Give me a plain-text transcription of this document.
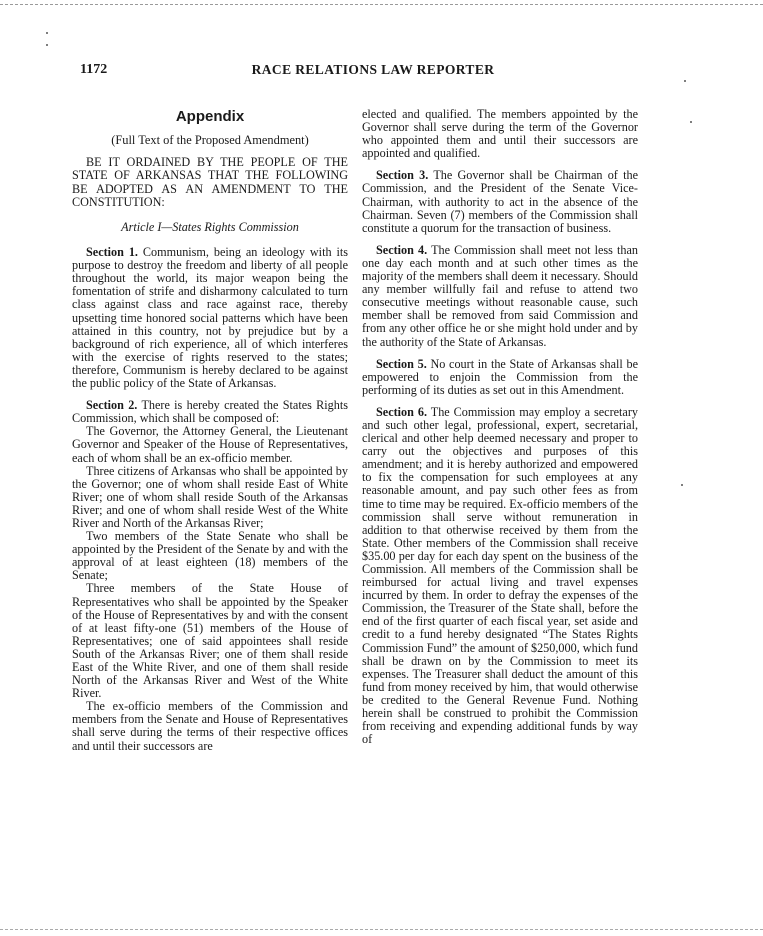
1172	RACE RELATIONS LAW REPORTER
Appendix
(Full Text of the Proposed Amendment)
BE IT ORDAINED BY THE PEOPLE OF THE STATE OF ARKANSAS THAT THE FOLLOWING BE ADOPTED AS AN AMENDMENT TO THE CONSTITUTION:
Article I—States Rights Commission

Section 1. Communism, being an ideology with its purpose to destroy the freedom and liberty of all people throughout the world, its major weapon being the fomentation of strife and disharmony calculated to turn class against class and race against race, thereby upsetting time honored social patterns which have been attained in this country, not by prejudice but by a background of rich experience, all of which interferes with the exercise of rights reserved to the states; therefore, Communism is hereby declared to be against the public policy of the State of Arkansas.

Section 2. There is hereby created the States Rights Commission, which shall be composed of:

The Governor, the Attorney General, the Lieutenant Governor and Speaker of the House of Representatives, each of whom shall be an ex-officio member.

Three citizens of Arkansas who shall be appointed by the Governor; one of whom shall reside East of White River; one of whom shall reside South of the Arkansas River; and one of whom shall reside West of the White River and North of the Arkansas River;

Two members of the State Senate who shall be appointed by the President of the Senate by and with the approval of at least eighteen (18) members of the Senate;

Three members of the State House of Representatives who shall be appointed by the Speaker of the House of Representatives by and with the consent of at least fifty-one (51) members of the House of Representatives; one of said appointees shall reside South of the Arkansas River; one of them shall reside East of the White River, and one of them shall reside North of the Arkansas River and West of the White River.

The ex-officio members of the Commission and members from the Senate and House of Representatives shall serve during the terms of their respective offices and until their successors are

elected and qualified. The members appointed by the Governor shall serve during the term of the Governor who appointed them and until their successors are appointed and qualified.

Section 3. The Governor shall be Chairman of the Commission, and the President of the Senate Vice-Chairman, with authority to act in the absence of the Chairman. Seven (7) members of the Commission shall constitute a quorum for the transaction of business.

Section 4. The Commission shall meet not less than one day each month and at such other times as the majority of the members shall deem it necessary. Should any member willfully fail and refuse to attend two consecutive meetings without reasonable cause, such member shall be removed from said Commission and from any other office he or she might hold under and by the authority of the State of Arkansas.

Section 5. No court in the State of Arkansas shall be empowered to enjoin the Commission from the performing of its duties as set out in this Amendment.

Section 6. The Commission may employ a secretary and such other legal, professional, expert, secretarial, clerical and other help deemed necessary and proper to carry out the objectives and purposes of this amendment; and it is hereby authorized and empowered to fix the compensation for such employees at any reasonable amount, and pay such other fees as from time to time may be required. Ex-officio members of the commission shall serve without remuneration in addition to that otherwise received by them from the State. Other members of the Commission shall receive $35.00 per day for each day spent on the business of the Commission. All members of the Commission shall be reimbursed for actual living and travel expenses incurred by them. In order to defray the expenses of the Commission, the Treasurer of the State shall, before the end of the first quarter of each fiscal year, set aside and credit to a fund hereby designated “The States Rights Commission Fund” the amount of $250,000, which fund shall be drawn on by the Commission to meet its expenses. The Treasurer shall deduct the amount of this fund from money received by him, that would otherwise be credited to the General Revenue Fund. Nothing herein shall be construed to prohibit the Commission from receiving and expending additional funds by way of
